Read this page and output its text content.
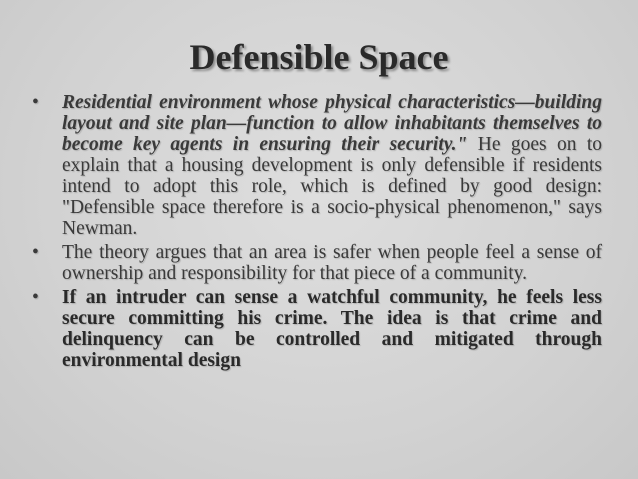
Defensible Space
•	Residential environment whose physical characteristics—building layout and site plan—function to allow inhabitants themselves to become key agents in ensuring their security." He goes on to explain that a housing development is only defensible if residents intend to adopt this role, which is defined by good design: "Defensible space therefore is a socio-physical phenomenon," says Newman.
•	The theory argues that an area is safer when people feel a sense of ownership and responsibility for that piece of a community.
•	If an intruder can sense a watchful community, he feels less secure committing his crime. The idea is that crime and delinquency can be controlled and mitigated through environmental design
